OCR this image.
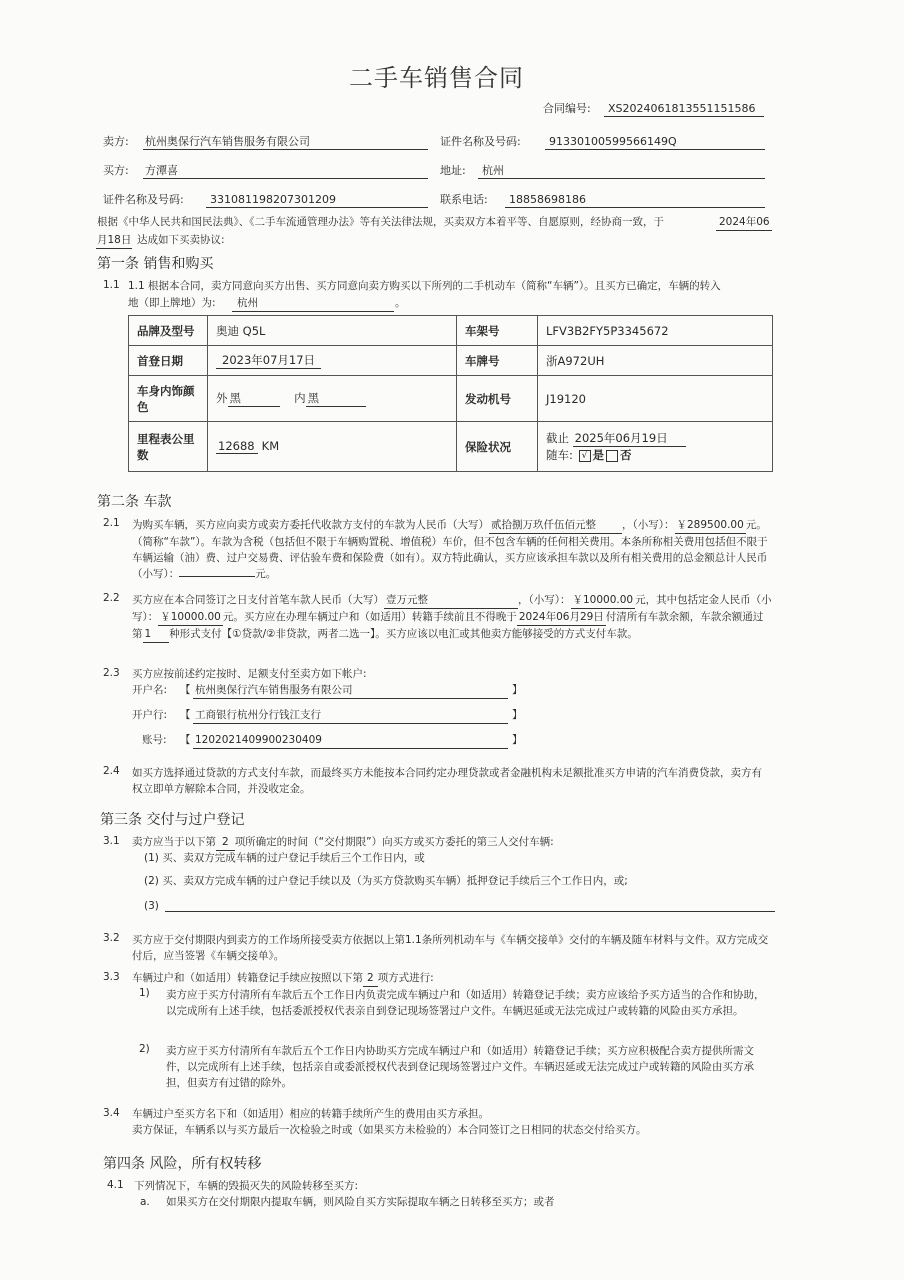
二手车销售合同
合同编号: XS2024061813551151586
卖方: 杭州奥保行汽车销售服务有限公司	证件名称及号码:	91330100599566149Q
买方: 方潭喜	地址: 杭州
证件名称及号码: 331081198207301209	联系电话: 18858698186
根据《中华人民共和国民法典》、《二手车流通管理办法》等有关法律法规，买卖双方本着平等、自愿原则，经协商一致，于	2024年06
月18日 达成如下买卖协议:
第一条 销售和购买
1.1 1.1 根据本合同，卖方同意向买方出售、买方同意向卖方购买以下所列的二手机动车（简称“车辆”）。且买方已确定，车辆的转入
地（即上牌地）为: 杭州	。
品牌及型号	奥迪 Q5L	车架号	LFV3B2FY5P3345672
首登日期	2023年07月17日	车牌号	浙A972UH
车身内饰颜色	外 黑 内 黑	发动机号	J19120
里程表公里数	12688 KM	保险状况	截止 2025年06月19日
随车: √ 是 否
第二条 车款
2.1 为购买车辆，买方应向卖方或卖方委托代收款方支付的车款为人民币（大写） 贰拾捌万玖仟伍佰元整 ，（小写）： ￥289500.00 元。（简称“车款”）。车款为含税（包括但不限于车辆购置税、增值税）车价，但不包含车辆的任何相关费用。本条所称相关费用包括但不限于车辆运输（油）费、过户交易费、评估验车费和保险费（如有）。双方特此确认，买方应该承担车款以及所有相关费用的总金额总计人民币（小写）：	元。
2.2 买方应在本合同签订之日支付首笔车款人民币（大写） 壹万元整	，（小写）： ￥10000.00 元，其中包括定金人民币（小写）： ￥10000.00 元。买方应在办理车辆过户和（如适用）转籍手续前且不得晚于 2024年06月29日 付清所有车款余额，车款余额通过第 1 种形式支付【①贷款/②非贷款，两者二选一】。买方应该以电汇或其他卖方能够接受的方式支付车款。
2.3 买方应按前述约定按时、足额支付至卖方如下帐户:
开户名: 【 杭州奥保行汽车销售服务有限公司	】
开户行: 【 工商银行杭州分行钱江支行	】
账号: 【 1202021409900230409	】
2.4 如买方选择通过贷款的方式支付车款，而最终买方未能按本合同约定办理贷款或者金融机构未足额批准买方申请的汽车消费贷款，卖方有权立即单方解除本合同，并没收定金。
第三条 交付与过户登记
3.1 卖方应当于以下第 2 项所确定的时间（“交付期限”）向买方或买方委托的第三人交付车辆:
(1) 买、卖双方完成车辆的过户登记手续后三个工作日内，或
(2) 买、卖双方完成车辆的过户登记手续以及（为买方贷款购买车辆）抵押登记手续后三个工作日内，或;
(3)
3.2 买方应于交付期限内到卖方的工作场所接受卖方依据以上第1.1条所列机动车与《车辆交接单》交付的车辆及随车材料与文件。双方完成交付后，应当签署《车辆交接单》。
3.3 车辆过户和（如适用）转籍登记手续应按照以下第 2 项方式进行:
1) 卖方应于买方付清所有车款后五个工作日内负责完成车辆过户和（如适用）转籍登记手续；卖方应该给予买方适当的合作和协助，以完成所有上述手续，包括委派授权代表亲自到登记现场签署过户文件。车辆迟延或无法完成过户或转籍的风险由买方承担。
2) 卖方应于买方付清所有车款后五个工作日内协助买方完成车辆过户和（如适用）转籍登记手续；买方应积极配合卖方提供所需文件，以完成所有上述手续，包括亲自或委派授权代表到登记现场签署过户文件。车辆迟延或无法完成过户或转籍的风险由买方承担，但卖方有过错的除外。
3.4 车辆过户至买方名下和（如适用）相应的转籍手续所产生的费用由买方承担。
卖方保证，车辆系以与买方最后一次检验之时或（如果买方未检验的）本合同签订之日相同的状态交付给买方。
第四条 风险，所有权转移
4.1 下列情况下，车辆的毁损灭失的风险转移至买方:
a. 如果买方在交付期限内提取车辆，则风险自买方实际提取车辆之日转移至买方；或者
